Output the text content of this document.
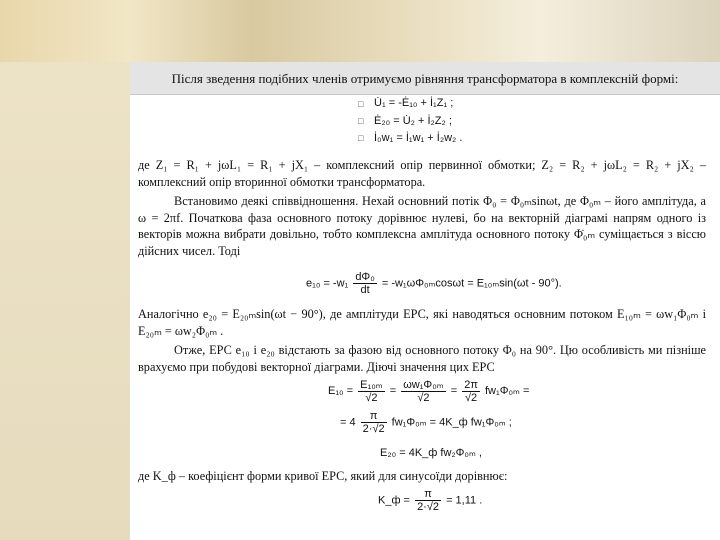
Після зведення подібних членів отримуємо рівняння трансформатора в комплексній формі:
□
□
□
U̇₁ = -Ė₁₀ + İ₁Z₁ ;
Ė₂₀ = U̇₂ + İ₂Z₂ ;
İ₀w₁ = İ₁w₁ + İ₂w₂ .
де Z₁ = R₁ + jωL₁ = R₁ + jX₁ – комплексний опір первинної обмотки; Z₂ = R₂ + jωL₂ = R₂ + jX₂ – комплексний опір вторинної обмотки трансформатора.
Встановимо деякі співвідношення. Нехай основний потік Φ₀ = Φ₀ₘsinωt, де Φ₀ₘ – його амплітуда, а ω = 2πf. Початкова фаза основного потоку дорівнює нулеві, бо на векторній діаграмі напрям одного із векторів можна вибрати довільно, тобто комплексна амплітуда основного потоку Φ̇₀ₘ суміщається з віссю дійсних чисел. Тоді
$e_{10} = -w_1 \frac{\text{dΦ₀}}{dt} = -w_1\omega\Phi_{0m}\cos\omega t = E_{10m}\sin(\omega t - 90^\circ)$.
Аналогічно e₂₀ = E₂₀ₘsin(ωt − 90°), де амплітуди ЕРС, які наводяться основним потоком E₁₀ₘ = ωw₁Φ₀ₘ і E₂₀ₘ = ωw₂Φ₀ₘ .
Отже, ЕРС e₁₀ і e₂₀ відстають за фазою від основного потоку Φ₀ на 90°. Цю особливість ми пізніше врахуємо при побудові векторної діаграми. Діючі значення цих ЕРС
$E_{10} = \frac{\text{E₁₀ₘ}}{√2} = \frac{\text{ωw₁Φ₀ₘ}}{√2} = \frac{2\pi}{√2} fw_1\Phi_{0m}$ =
= $4 \frac{\pi}{2\cdot√2} fw_1\Phi_{0m}$ = 4K_ф fw₁Φ₀ₘ ;
E₂₀ = 4K_ф fw₂Φ₀ₘ ,
де K_ф – коефіцієнт форми кривої ЕРС, який для синусоїди дорівнює:
K_ф = $\frac{\pi}{2\cdot√2} = 1,11$ .
